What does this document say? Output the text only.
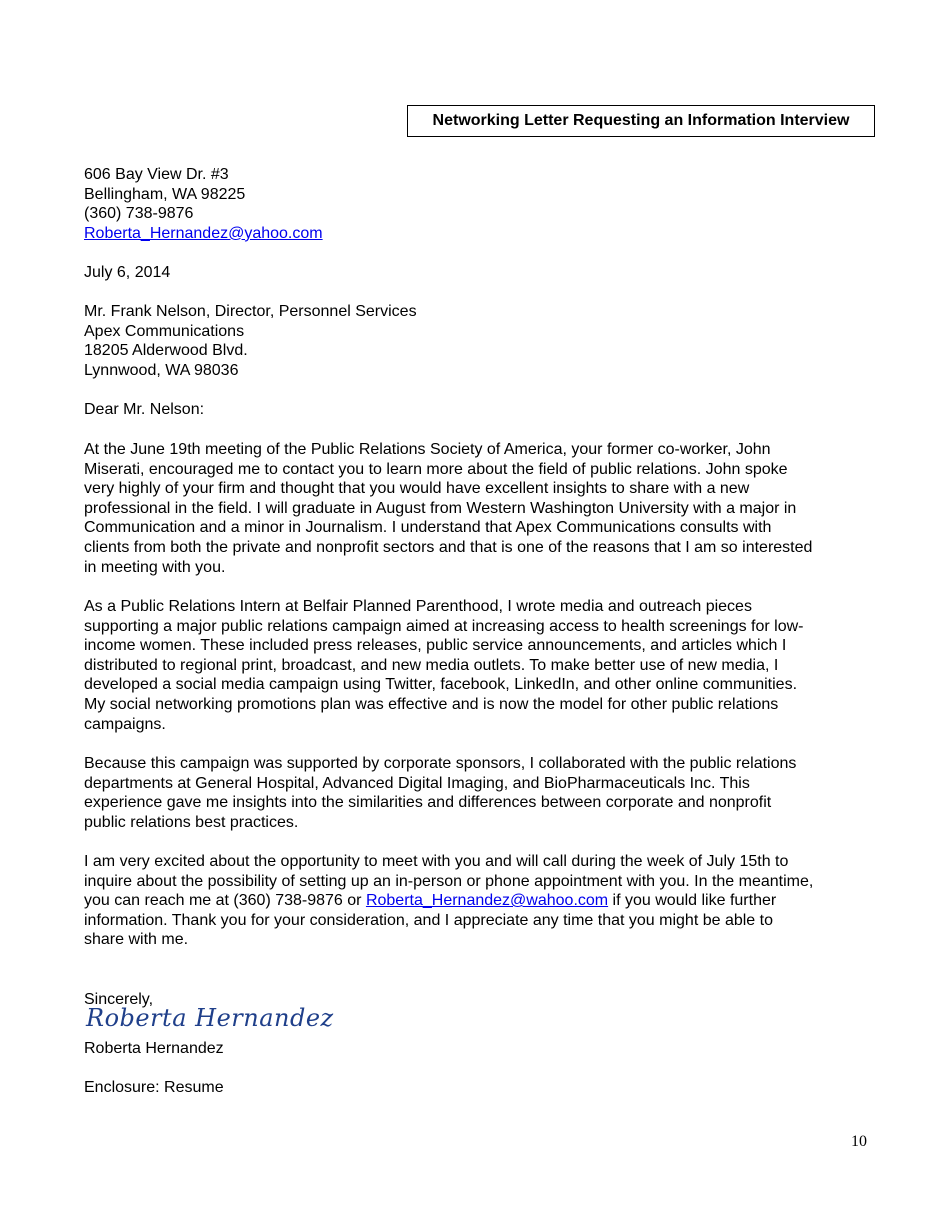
Networking Letter Requesting an Information Interview
606 Bay View Dr. #3
Bellingham, WA 98225
(360) 738-9876
Roberta_Hernandez@yahoo.com
July 6, 2014
Mr. Frank Nelson, Director, Personnel Services
Apex Communications
18205 Alderwood Blvd.
Lynnwood, WA 98036
Dear Mr. Nelson:
At the June 19th meeting of the Public Relations Society of America, your former co-worker, John
Miserati, encouraged me to contact you to learn more about the field of public relations. John spoke
very highly of your firm and thought that you would have excellent insights to share with a new
professional in the field. I will graduate in August from Western Washington University with a major in
Communication and a minor in Journalism. I understand that Apex Communications consults with
clients from both the private and nonprofit sectors and that is one of the reasons that I am so interested
in meeting with you.
As a Public Relations Intern at Belfair Planned Parenthood, I wrote media and outreach pieces
supporting a major public relations campaign aimed at increasing access to health screenings for low-
income women. These included press releases, public service announcements, and articles which I
distributed to regional print, broadcast, and new media outlets. To make better use of new media, I
developed a social media campaign using Twitter, facebook, LinkedIn, and other online communities.
My social networking promotions plan was effective and is now the model for other public relations
campaigns.
Because this campaign was supported by corporate sponsors, I collaborated with the public relations
departments at General Hospital, Advanced Digital Imaging, and BioPharmaceuticals Inc. This
experience gave me insights into the similarities and differences between corporate and nonprofit
public relations best practices.
I am very excited about the opportunity to meet with you and will call during the week of July 15th to
inquire about the possibility of setting up an in-person or phone appointment with you. In the meantime,
you can reach me at (360) 738-9876 or Roberta_Hernandez@wahoo.com if you would like further
information. Thank you for your consideration, and I appreciate any time that you might be able to
share with me.
Sincerely,
Roberta Hernandez
Roberta Hernandez
Enclosure: Resume
10
